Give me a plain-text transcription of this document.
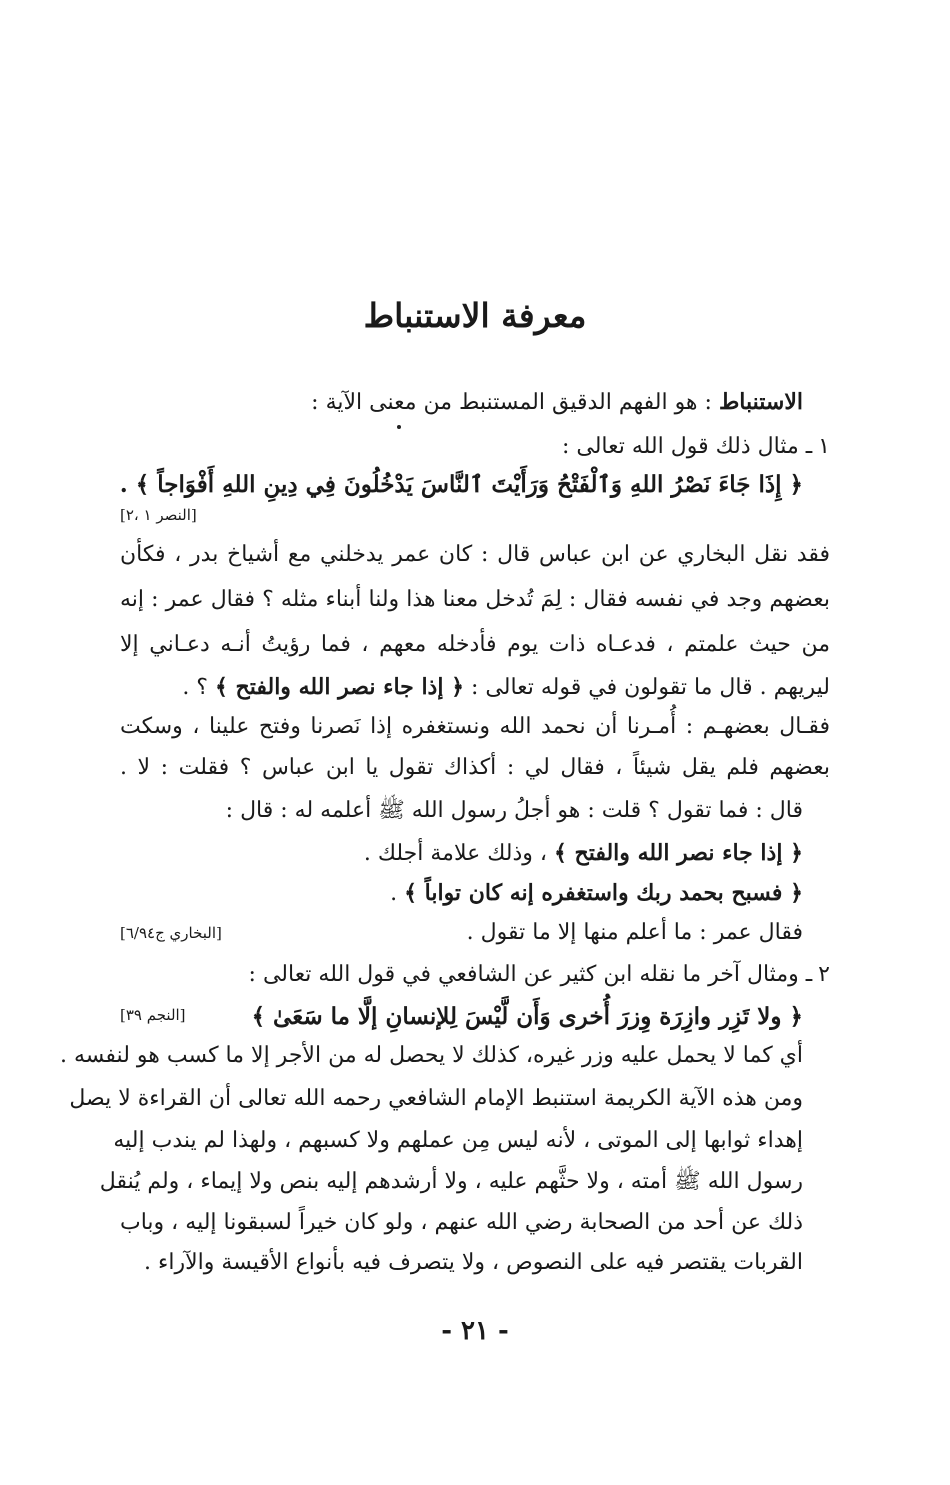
معرفة الاستنباط
الاستنباط : هو الفهم الدقيق المستنبط من معنى الآية :
١ـ مثال ذلك قول الله تعالى :
﴿ إِذَا جَاءَ نَصْرُ اللهِ وَٱلْفَتْحُ وَرَأَيْتَ ٱلنَّاسَ يَدْخُلُونَ فِي دِينِ اللهِ أَفْوَاجاً ﴾ .
[النصر ١ ،٢]
فقد نقل البخاري عن ابن عباس قال : كان عمر يدخلني مع أشياخ بدر ، فكأن
بعضهم وجد في نفسه فقال : لِمَ تُدخل معنا هذا ولنا أبناء مثله ؟ فقال عمر : إنه
من حيث علمتم ، فدعـاه ذات يوم فأدخله معهم ، فما رؤيتُ أنـه دعـاني إلا
ليريهم . قال ما تقولون في قوله تعالى : ﴿ إذا جاء نصر الله والفتح ﴾ ؟ .
فقـال بعضهـم : أُمـرنا أن نحمد الله ونستغفره إذا نَصرنا وفتح علينا ، وسكت
بعضهم فلم يقل شيئاً ، فقال لي : أكذاك تقول يا ابن عباس ؟ فقلت : لا .
قال : فما تقول ؟ قلت : هو أجلُ رسول الله ﷺ أعلمه له : قال :
﴿ إذا جاء نصر الله والفتح ﴾ ، وذلك علامة أجلك .
﴿ فسبح بحمد ربك واستغفره إنه كان تواباً ﴾ .
فقال عمر : ما أعلم منها إلا ما تقول .
[البخاري ج٦/٩٤]
٢ـ ومثال آخر ما نقله ابن كثير عن الشافعي في قول الله تعالى :
﴿ ولا تَزِر وازِرَة وِزرَ أُخرى وَأَن لَّيْسَ لِلإنسانِ إلَّا ما سَعَىٰ ﴾
[النجم ٣٩]
أي كما لا يحمل عليه وزر غيره، كذلك لا يحصل له من الأجر إلا ما كسب هو لنفسه .
ومن هذه الآية الكريمة استنبط الإمام الشافعي رحمه الله تعالى أن القراءة لا يصل
إهداء ثوابها إلى الموتى ، لأنه ليس مِن عملهم ولا كسبهم ، ولهذا لم يندب إليه
رسول الله ﷺ أمته ، ولا حثَّهم عليه ، ولا أرشدهم إليه بنص ولا إيماء ، ولم يُنقل
ذلك عن أحد من الصحابة رضي الله عنهم ، ولو كان خيراً لسبقونا إليه ، وباب
القربات يقتصر فيه على النصوص ، ولا يتصرف فيه بأنواع الأقيسة والآراء .
- ٢١ -
